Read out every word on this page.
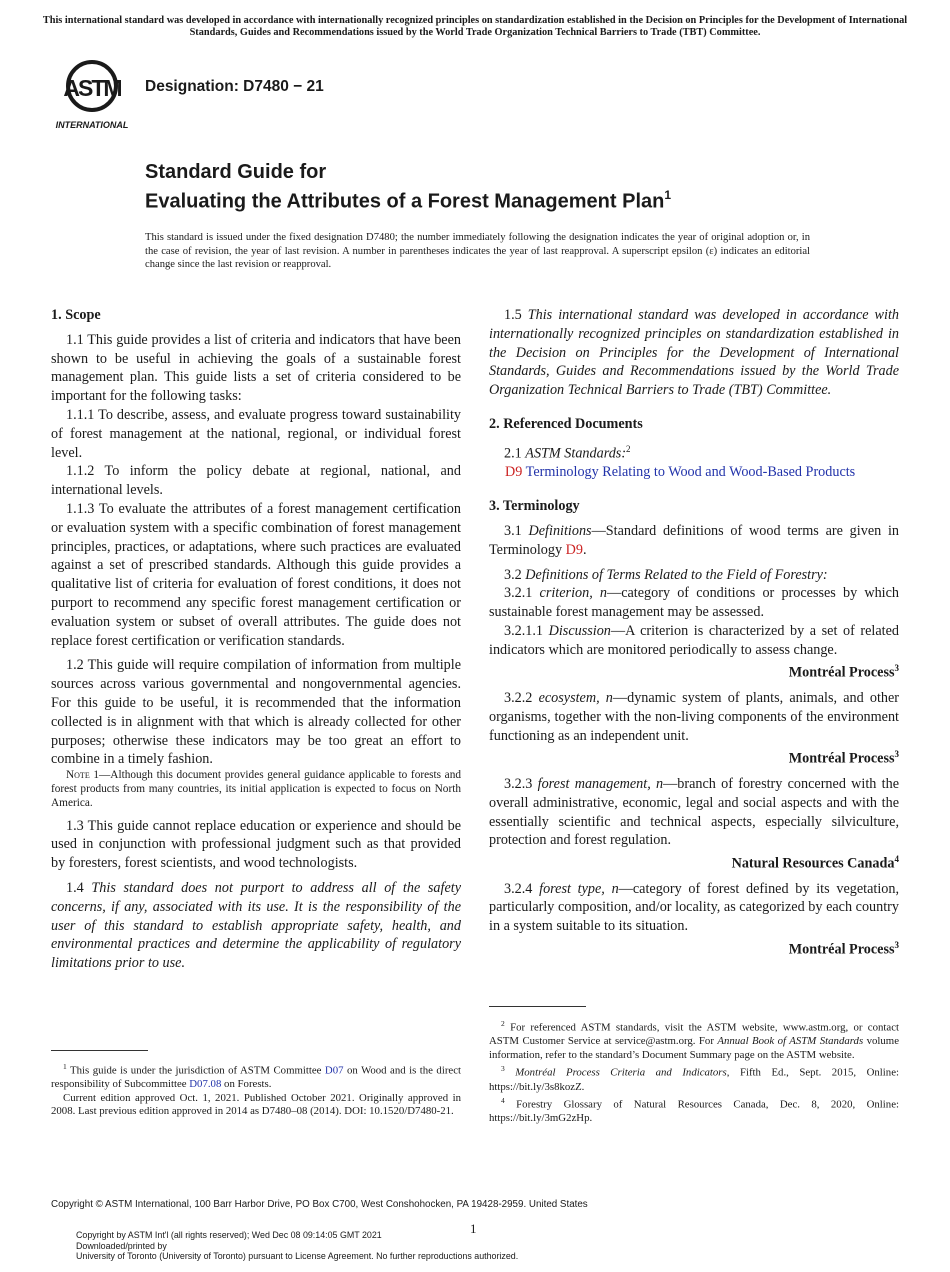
This international standard was developed in accordance with internationally recognized principles on standardization established in the Decision on Principles for the Development of International Standards, Guides and Recommendations issued by the World Trade Organization Technical Barriers to Trade (TBT) Committee.
ASTM
INTERNATIONAL
Designation: D7480 − 21
Standard Guide for
Evaluating the Attributes of a Forest Management Plan$^1$
This standard is issued under the fixed designation D7480; the number immediately following the designation indicates the year of original adoption or, in the case of revision, the year of last revision. A number in parentheses indicates the year of last reapproval. A superscript epsilon (ε) indicates an editorial change since the last revision or reapproval.
1. Scope

1.1 This guide provides a list of criteria and indicators that have been shown to be useful in achieving the goals of a sustainable forest management plan. This guide lists a set of criteria considered to be important for the following tasks:

1.1.1 To describe, assess, and evaluate progress toward sustainability of forest management at the national, regional, or individual forest level.

1.1.2 To inform the policy debate at regional, national, and international levels.

1.1.3 To evaluate the attributes of a forest management certification or evaluation system with a specific combination of forest management principles, practices, or adaptations, where such practices are evaluated against a set of prescribed standards. Although this guide provides a qualitative list of criteria for evaluation of forest conditions, it does not purport to recommend any specific forest management certification or evaluation system or subset of overall attributes. The guide does not replace forest certification or verification standards.

1.2 This guide will require compilation of information from multiple sources across various governmental and nongovernmental agencies. For this guide to be useful, it is recommended that the information collected is in alignment with that which is already collected for other purposes; otherwise these indicators may be too great an effort to combine in a timely fashion.

Note 1—Although this document provides general guidance applicable to forests and forest products from many countries, its initial application is expected to focus on North America.

1.3 This guide cannot replace education or experience and should be used in conjunction with professional judgment such as that provided by foresters, forest scientists, and wood technologists.

1.4 This standard does not purport to address all of the safety concerns, if any, associated with its use. It is the responsibility of the user of this standard to establish appropriate safety, health, and environmental practices and determine the applicability of regulatory limitations prior to use.

1.5 This international standard was developed in accordance with internationally recognized principles on standardization established in the Decision on Principles for the Development of International Standards, Guides and Recommendations issued by the World Trade Organization Technical Barriers to Trade (TBT) Committee.

2. Referenced Documents

2.1 ASTM Standards:$^2$

D9 Terminology Relating to Wood and Wood-Based Products

3. Terminology

3.1 Definitions—Standard definitions of wood terms are given in Terminology D9.

3.2 Definitions of Terms Related to the Field of Forestry:

3.2.1 criterion, n—category of conditions or processes by which sustainable forest management may be assessed.

3.2.1.1 Discussion—A criterion is characterized by a set of related indicators which are monitored periodically to assess change.
Montréal Process$^3$

3.2.2 ecosystem, n—dynamic system of plants, animals, and other organisms, together with the non-living components of the environment functioning as an independent unit.
Montréal Process$^3$

3.2.3 forest management, n—branch of forestry concerned with the overall administrative, economic, legal and social aspects and with the essentially scientific and technical aspects, especially silviculture, protection and forest regulation.
Natural Resources Canada$^4$

3.2.4 forest type, n—category of forest defined by its vegetation, particularly composition, and/or locality, as categorized by each country in a system suitable to its situation.
Montréal Process$^3$

$^1$ This guide is under the jurisdiction of ASTM Committee D07 on Wood and is the direct responsibility of Subcommittee D07.08 on Forests.

Current edition approved Oct. 1, 2021. Published October 2021. Originally approved in 2008. Last previous edition approved in 2014 as D7480–08 (2014). DOI: 10.1520/D7480-21.

$^2$ For referenced ASTM standards, visit the ASTM website, www.astm.org, or contact ASTM Customer Service at service@astm.org. For Annual Book of ASTM Standards volume information, refer to the standard’s Document Summary page on the ASTM website.

$^3$ Montréal Process Criteria and Indicators, Fifth Ed., Sept. 2015, Online: https://bit.ly/3s8kozZ.

$^4$ Forestry Glossary of Natural Resources Canada, Dec. 8, 2020, Online: https://bit.ly/3mG2zHp.

Copyright © ASTM International, 100 Barr Harbor Drive, PO Box C700, West Conshohocken, PA 19428-2959. United States
1
Copyright by ASTM Int'l (all rights reserved); Wed Dec 08 09:14:05 GMT 2021
Downloaded/printed by
University of Toronto (University of Toronto) pursuant to License Agreement. No further reproductions authorized.
